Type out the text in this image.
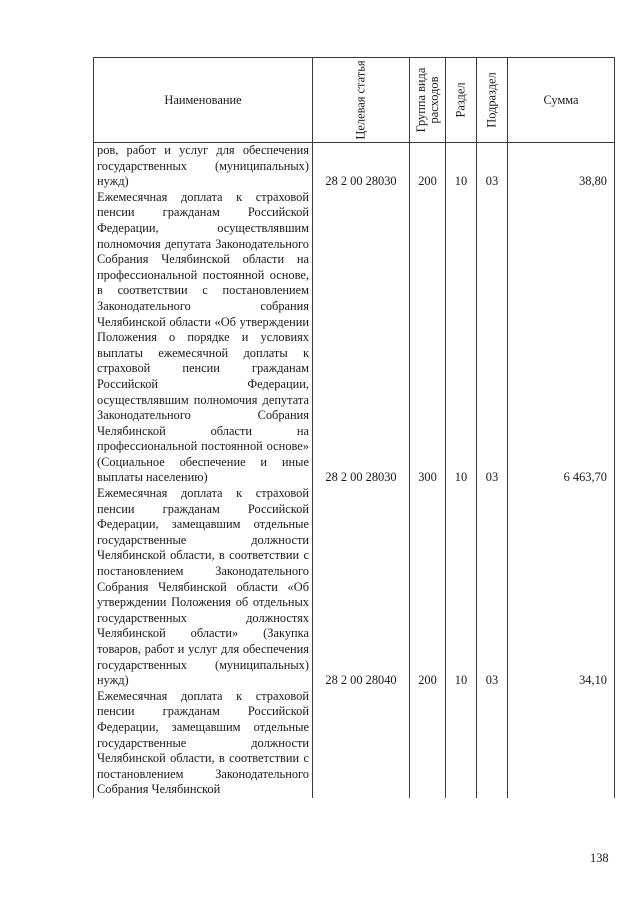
Наименование	Целевая статья	Группа вида расходов	Раздел	Подраздел	Сумма

ров, работ и услуг для обеспечения государственных (муниципальных) нужд)	28 2 00 28030	200	10	03	38,80

Ежемесячная доплата к страховой пенсии гражданам Российской Федерации, осуществлявшим полномочия депутата Законодательного Собрания Челябинской области на профессиональной постоянной основе, в соответствии с постановлением Законодательного собрания Челябинской области «Об утверждении Положения о порядке и условиях выплаты ежемесячной доплаты к страховой пенсии гражданам Российской Федерации, осуществлявшим полномочия депутата Законодательного Собрания Челябинской области на профессиональной постоянной основе» (Социальное обеспечение и иные выплаты населению)	28 2 00 28030	300	10	03	6 463,70

Ежемесячная доплата к страховой пенсии гражданам Российской Федерации, замещавшим отдельные государственные должности Челябинской области, в соответствии с постановлением Законодательного Собрания Челябинской области «Об утверждении Положения об отдельных государственных должностях Челябинской области» (Закупка товаров, работ и услуг для обеспечения государственных (муниципальных) нужд)	28 2 00 28040	200	10	03	34,10

Ежемесячная доплата к страховой пенсии гражданам Российской Федерации, замещавшим отдельные государственные должности Челябинской области, в соответствии с постановлением Законодательного Собрания Челябинской					

138
